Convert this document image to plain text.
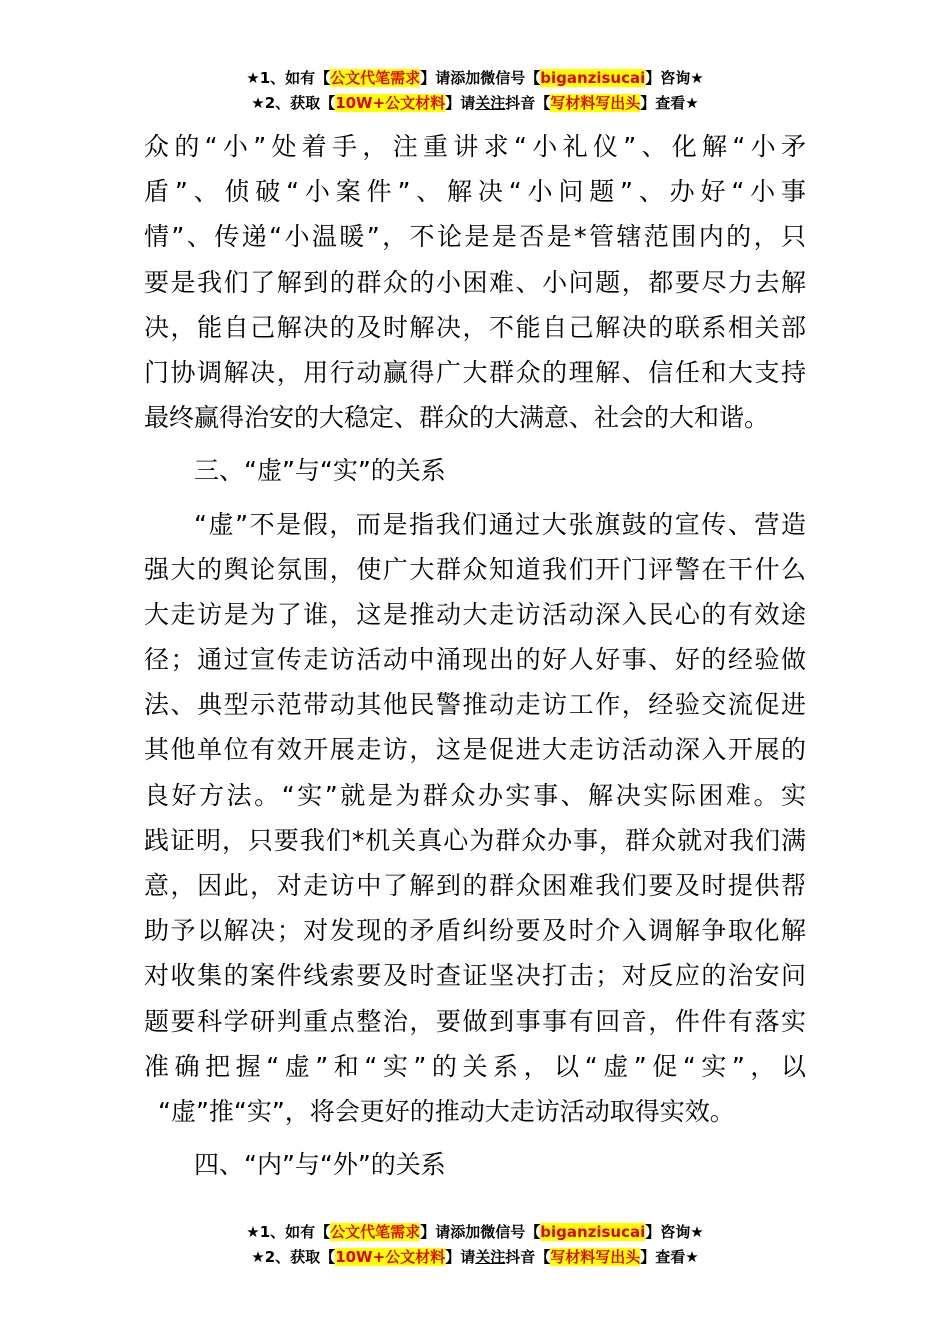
★1、如有【公文代笔需求】请添加微信号【biganzisucai】咨询★
★2、获取【10W+公文材料】请关注抖音【写材料写出头】查看★
众的“小”处着手，注重讲求“小礼仪”、化解“小矛
盾”、侦破“小案件”、解决“小问题”、办好“小事
情”、传递“小温暖”，不论是是否是*管辖范围内的，只
要是我们了解到的群众的小困难、小问题，都要尽力去解
决，能自己解决的及时解决，不能自己解决的联系相关部
门协调解决，用行动赢得广大群众的理解、信任和大支持
最终赢得治安的大稳定、群众的大满意、社会的大和谐。
三、“虚”与“实”的关系
“虚”不是假，而是指我们通过大张旗鼓的宣传、营造
强大的舆论氛围，使广大群众知道我们开门评警在干什么
大走访是为了谁，这是推动大走访活动深入民心的有效途
径；通过宣传走访活动中涌现出的好人好事、好的经验做
法、典型示范带动其他民警推动走访工作，经验交流促进
其他单位有效开展走访，这是促进大走访活动深入开展的
良好方法。“实”就是为群众办实事、解决实际困难。实
践证明，只要我们*机关真心为群众办事，群众就对我们满
意，因此，对走访中了解到的群众困难我们要及时提供帮
助予以解决；对发现的矛盾纠纷要及时介入调解争取化解
对收集的案件线索要及时查证坚决打击；对反应的治安问
题要科学研判重点整治，要做到事事有回音，件件有落实
准确把握“虚”和“实”的关系，以“虚”促“实”，以
“虚”推“实”，将会更好的推动大走访活动取得实效。
四、“内”与“外”的关系
★1、如有【公文代笔需求】请添加微信号【biganzisucai】咨询★
★2、获取【10W+公文材料】请关注抖音【写材料写出头】查看★
